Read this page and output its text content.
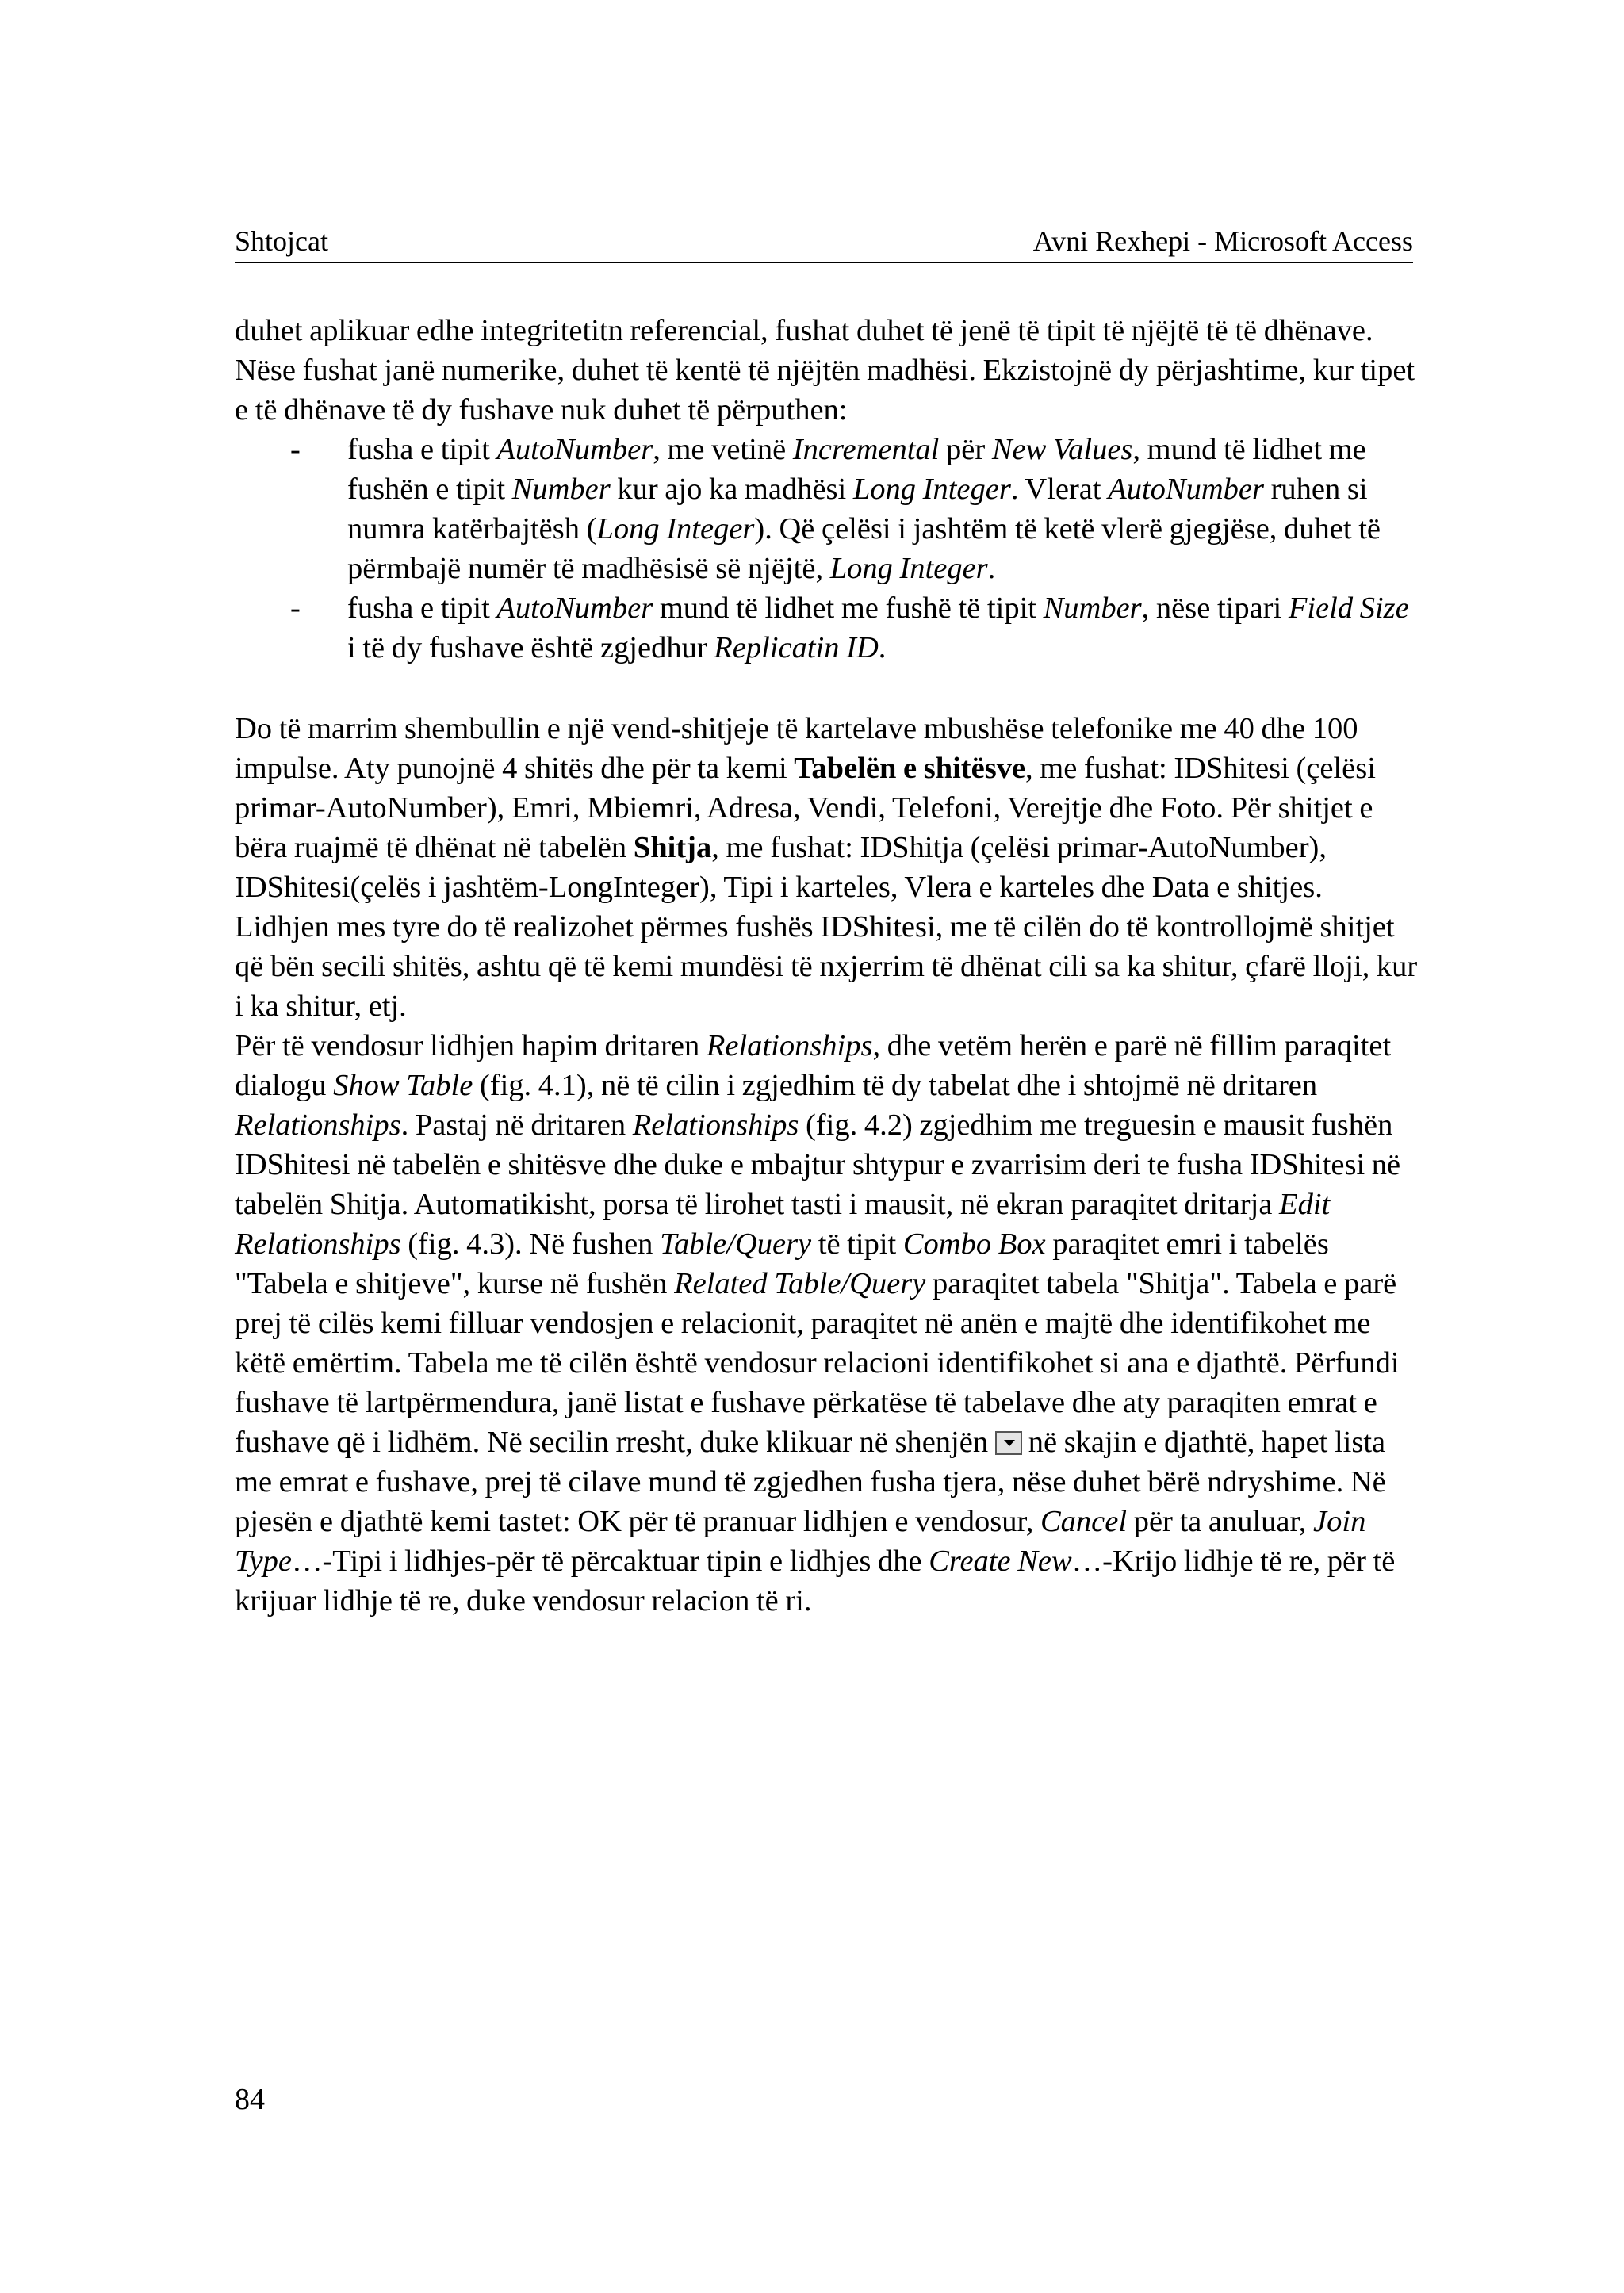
Shtojcat	Avni Rexhepi - Microsoft Access

duhet aplikuar edhe integritetitn referencial, fushat duhet të jenë të tipit të njëjtë të të dhënave. Nëse fushat janë numerike, duhet të kentë të njëjtën madhësi. Ekzistojnë dy përjashtime, kur tipet e të dhënave të dy fushave nuk duhet të përputhen:

- fusha e tipit AutoNumber, me vetinë Incremental për New Values, mund të lidhet me fushën e tipit Number kur ajo ka madhësi Long Integer. Vlerat AutoNumber ruhen si numra katërbajtësh (Long Integer). Që çelësi i jashtëm të ketë vlerë gjegjëse, duhet të përmbajë numër të madhësisë së njëjtë, Long Integer.
- fusha e tipit AutoNumber mund të lidhet me fushë të tipit Number, nëse tipari Field Size i të dy fushave është zgjedhur Replicatin ID.

Do të marrim shembullin e një vend-shitjeje të kartelave mbushëse telefonike me 40 dhe 100 impulse. Aty punojnë 4 shitës dhe për ta kemi Tabelën e shitësve, me fushat: IDShitesi (çelësi primar-AutoNumber), Emri, Mbiemri, Adresa, Vendi, Telefoni, Verejtje dhe Foto. Për shitjet e bëra ruajmë të dhënat në tabelën Shitja, me fushat: IDShitja (çelësi primar-AutoNumber), IDShitesi(çelës i jashtëm-LongInteger), Tipi i karteles, Vlera e karteles dhe Data e shitjes. Lidhjen mes tyre do të realizohet përmes fushës IDShitesi, me të cilën do të kontrollojmë shitjet që bën secili shitës, ashtu që të kemi mundësi të nxjerrim të dhënat cili sa ka shitur, çfarë lloji, kur i ka shitur, etj.

Për të vendosur lidhjen hapim dritaren Relationships, dhe vetëm herën e parë në fillim paraqitet dialogu Show Table (fig. 4.1), në të cilin i zgjedhim të dy tabelat dhe i shtojmë në dritaren Relationships. Pastaj në dritaren Relationships (fig. 4.2) zgjedhim me treguesin e mausit fushën IDShitesi në tabelën e shitësve dhe duke e mbajtur shtypur e zvarrisim deri te fusha IDShitesi në tabelën Shitja. Automatikisht, porsa të lirohet tasti i mausit, në ekran paraqitet dritarja Edit Relationships (fig. 4.3). Në fushen Table/Query të tipit Combo Box paraqitet emri i tabelës "Tabela e shitjeve", kurse në fushën Related Table/Query paraqitet tabela "Shitja". Tabela e parë prej të cilës kemi filluar vendosjen e relacionit, paraqitet në anën e majtë dhe identifikohet me këtë emërtim. Tabela me të cilën është vendosur relacioni identifikohet si ana e djathtë. Përfundi fushave të lartpërmendura, janë listat e fushave përkatëse të tabelave dhe aty paraqiten emrat e fushave që i lidhëm. Në secilin rresht, duke klikuar në shenjën në skajin e djathtë, hapet lista me emrat e fushave, prej të cilave mund të zgjedhen fusha tjera, nëse duhet bërë ndryshime. Në pjesën e djathtë kemi tastet: OK për të pranuar lidhjen e vendosur, Cancel për ta anuluar, Join Type…-Tipi i lidhjes-për të përcaktuar tipin e lidhjes dhe Create New…-Krijo lidhje të re, për të krijuar lidhje të re, duke vendosur relacion të ri.

84
